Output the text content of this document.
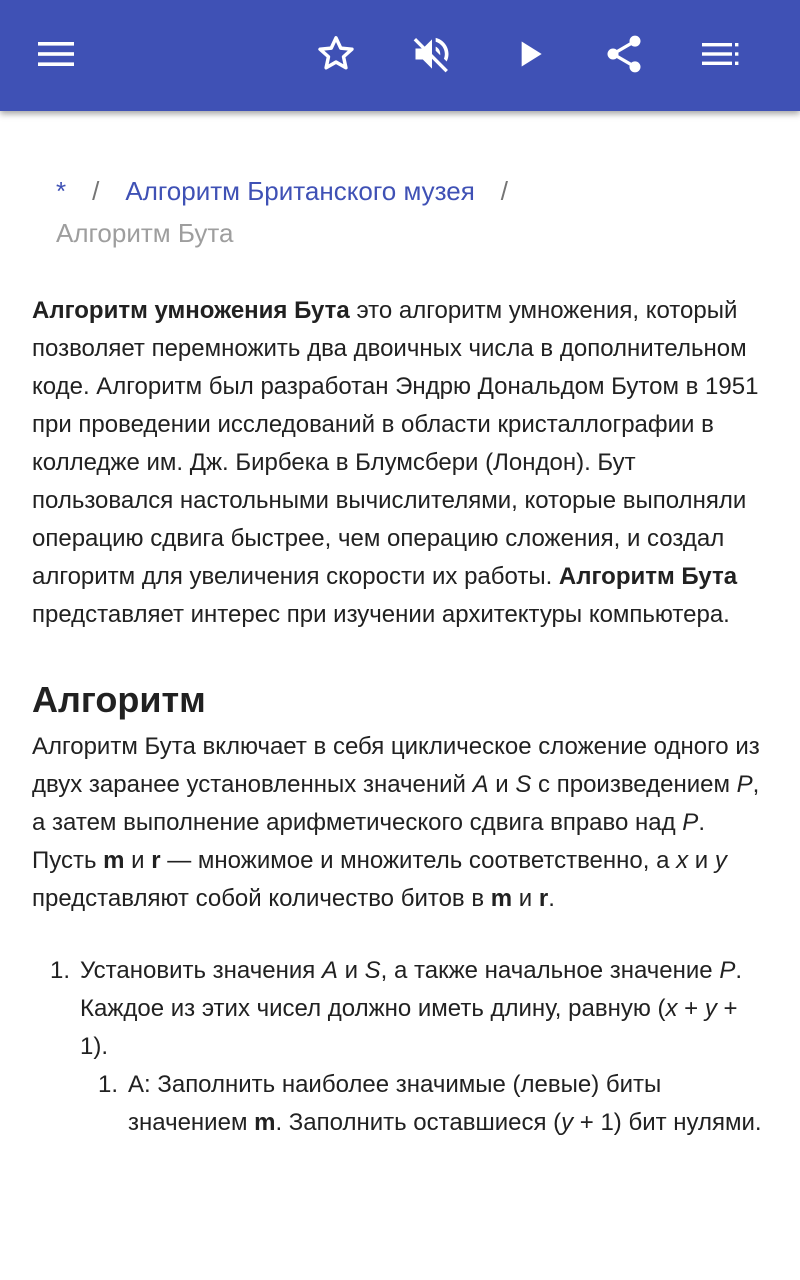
* / Алгоритм Британского музея /
Алгоритм Бута

Алгоритм умножения Бута это алгоритм умножения, который позволяет перемножить два двоичных числа в дополнительном коде. Алгоритм был разработан Эндрю Дональдом Бутом в 1951 при проведении исследований в области кристаллографии в колледже им. Дж. Бирбека в Блумсбери (Лондон). Бут пользовался настольными вычислителями, которые выполняли операцию сдвига быстрее, чем операцию сложения, и создал алгоритм для увеличения скорости их работы. Алгоритм Бута представляет интерес при изучении архитектуры компьютера.

Алгоритм

Алгоритм Бута включает в себя циклическое сложение одного из двух заранее установленных значений A и S с произведением P, а затем выполнение арифметического сдвига вправо над P. Пусть m и r — множимое и множитель соответственно, а x и y представляют собой количество битов в m и r.

1. Установить значения A и S, а также начальное значение P. Каждое из этих чисел должно иметь длину, равную (x + y + 1).
1. A: Заполнить наиболее значимые (левые) биты значением m. Заполнить оставшиеся (y + 1) бит нулями.
